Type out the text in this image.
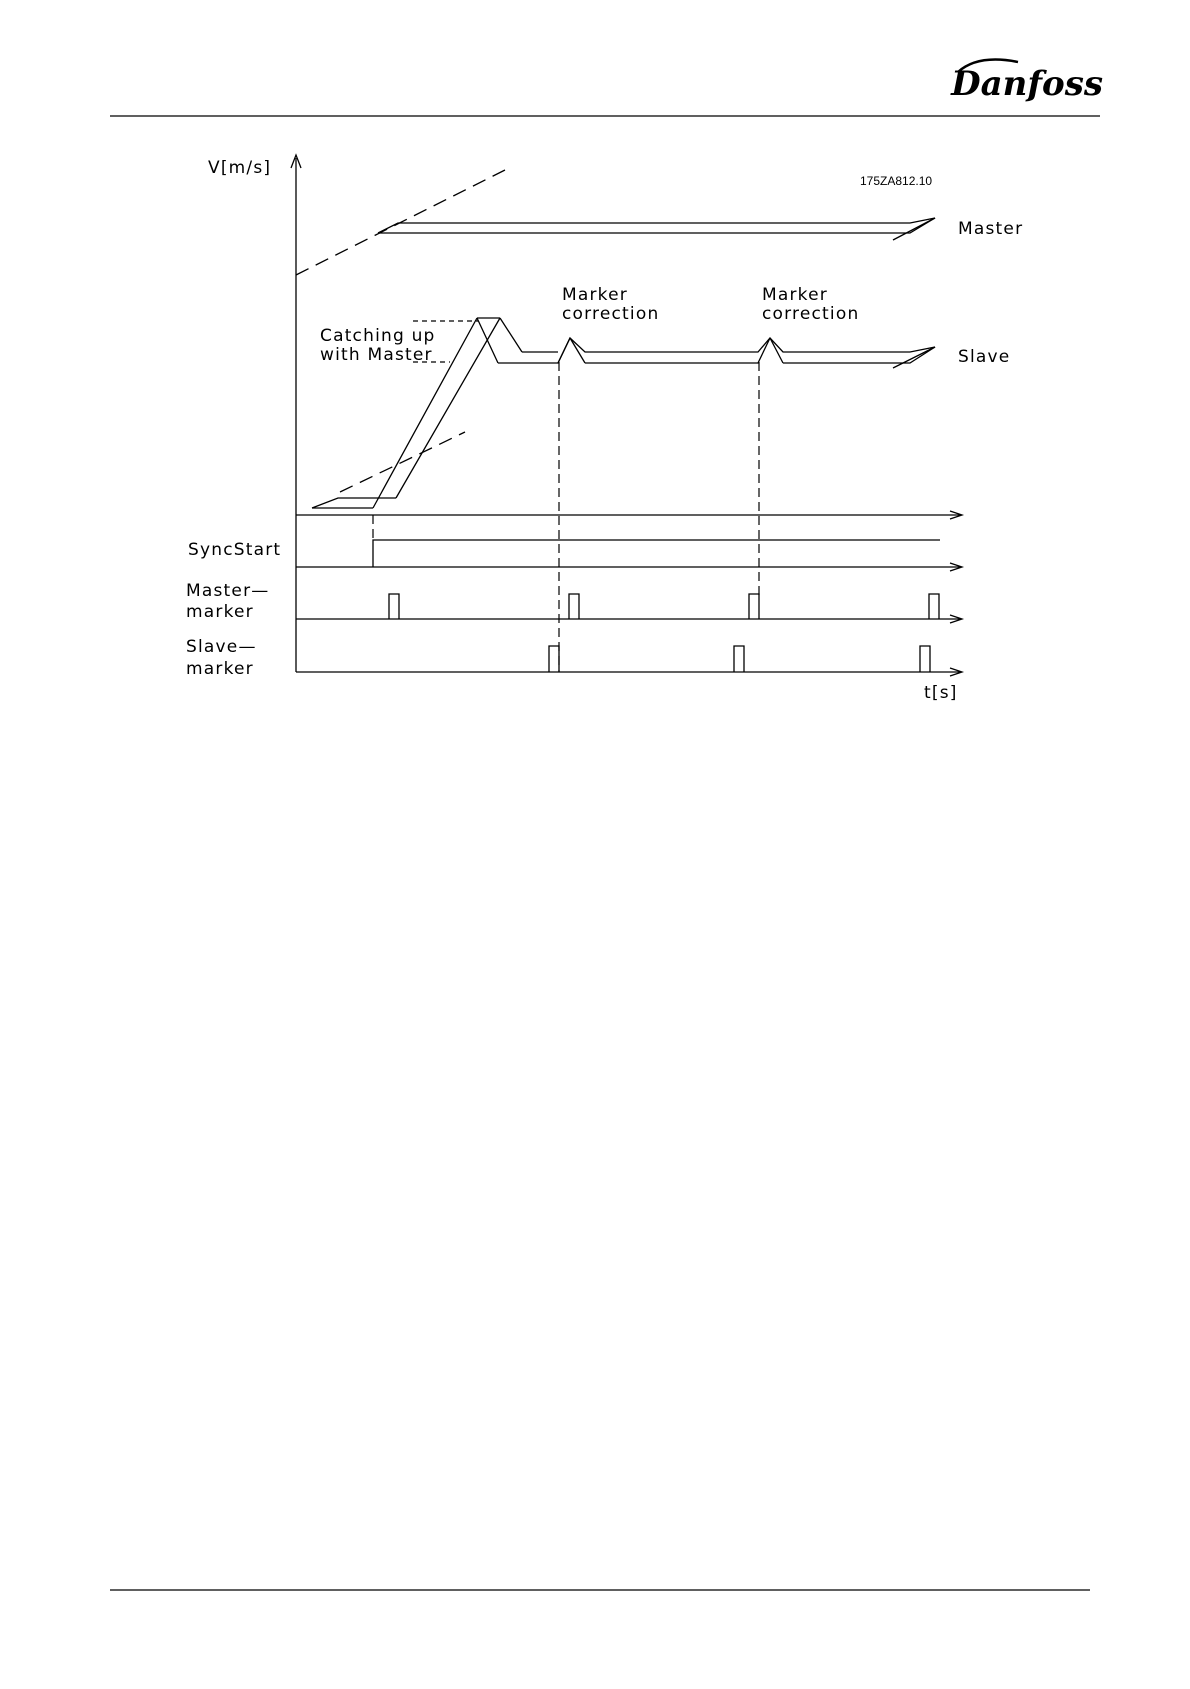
Danfoss
175ZA812.10
V[m/s]
Master
Slave
Catching up
with Master
Marker
correction
Marker
correction
SyncStart
Master—
marker
Slave—
marker
t[s]
